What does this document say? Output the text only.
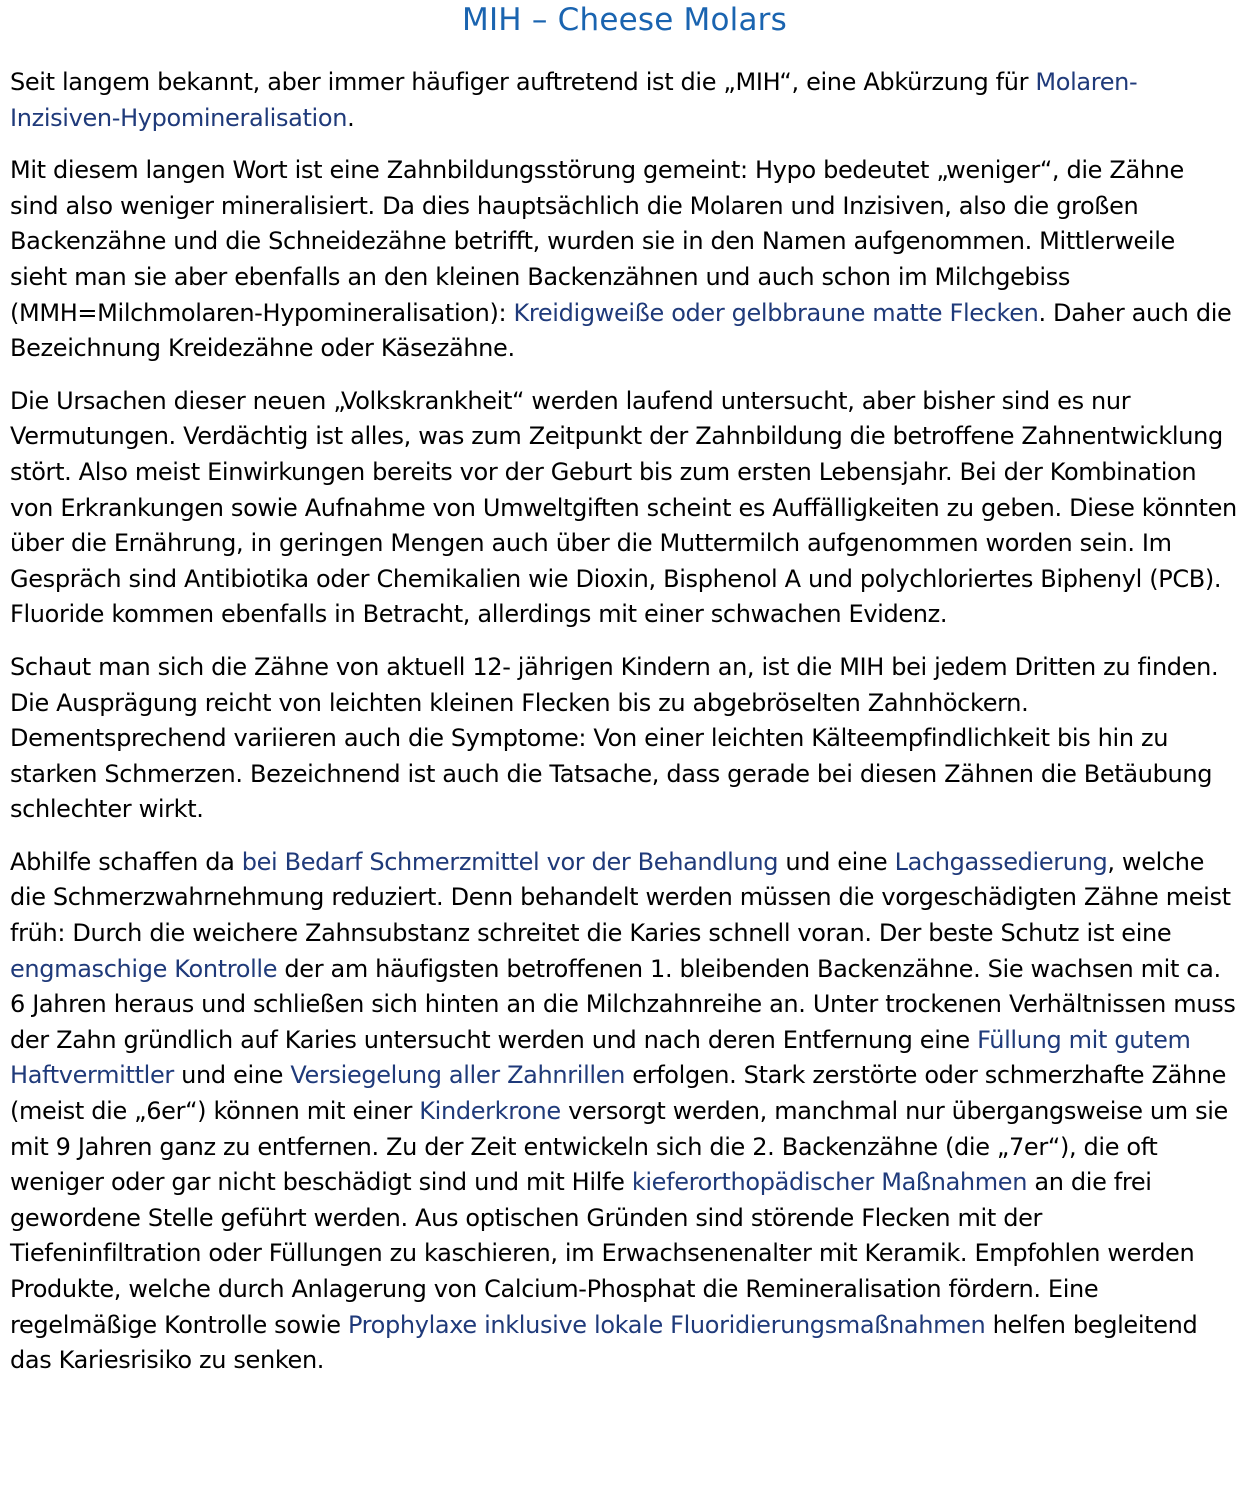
MIH – Cheese Molars

Seit langem bekannt, aber immer häufiger auftretend ist die „MIH“, eine Abkürzung für Molaren-Inzisiven-Hypomineralisation.

Mit diesem langen Wort ist eine Zahnbildungsstörung gemeint: Hypo bedeutet „weniger“, die Zähne sind also weniger mineralisiert. Da dies hauptsächlich die Molaren und Inzisiven, also die großen Backenzähne und die Schneidezähne betrifft, wurden sie in den Namen aufgenommen. Mittlerweile sieht man sie aber ebenfalls an den kleinen Backenzähnen und auch schon im Milchgebiss (MMH=Milchmolaren-Hypomineralisation): Kreidigweiße oder gelbbraune matte Flecken. Daher auch die Bezeichnung Kreidezähne oder Käsezähne.

Die Ursachen dieser neuen „Volkskrankheit“ werden laufend untersucht, aber bisher sind es nur Vermutungen. Verdächtig ist alles, was zum Zeitpunkt der Zahnbildung die betroffene Zahnentwicklung stört. Also meist Einwirkungen bereits vor der Geburt bis zum ersten Lebensjahr. Bei der Kombination von Erkrankungen sowie Aufnahme von Umweltgiften scheint es Auffälligkeiten zu geben. Diese könnten über die Ernährung, in geringen Mengen auch über die Muttermilch aufgenommen worden sein. Im Gespräch sind Antibiotika oder Chemikalien wie Dioxin, Bisphenol A und polychloriertes Biphenyl (PCB). Fluoride kommen ebenfalls in Betracht, allerdings mit einer schwachen Evidenz.

Schaut man sich die Zähne von aktuell 12- jährigen Kindern an, ist die MIH bei jedem Dritten zu finden. Die Ausprägung reicht von leichten kleinen Flecken bis zu abgebröselten Zahnhöckern. Dementsprechend variieren auch die Symptome: Von einer leichten Kälteempfindlichkeit bis hin zu starken Schmerzen. Bezeichnend ist auch die Tatsache, dass gerade bei diesen Zähnen die Betäubung schlechter wirkt.

Abhilfe schaffen da bei Bedarf Schmerzmittel vor der Behandlung und eine Lachgassedierung, welche die Schmerzwahrnehmung reduziert. Denn behandelt werden müssen die vorgeschädigten Zähne meist früh: Durch die weichere Zahnsubstanz schreitet die Karies schnell voran. Der beste Schutz ist eine engmaschige Kontrolle der am häufigsten betroffenen 1. bleibenden Backenzähne. Sie wachsen mit ca. 6 Jahren heraus und schließen sich hinten an die Milchzahnreihe an. Unter trockenen Verhältnissen muss der Zahn gründlich auf Karies untersucht werden und nach deren Entfernung eine Füllung mit gutem Haftvermittler und eine Versiegelung aller Zahnrillen erfolgen. Stark zerstörte oder schmerzhafte Zähne (meist die „6er“) können mit einer Kinderkrone versorgt werden, manchmal nur übergangsweise um sie mit 9 Jahren ganz zu entfernen. Zu der Zeit entwickeln sich die 2. Backenzähne (die „7er“), die oft weniger oder gar nicht beschädigt sind und mit Hilfe kieferorthopädischer Maßnahmen an die frei gewordene Stelle geführt werden. Aus optischen Gründen sind störende Flecken mit der Tiefeninfiltration oder Füllungen zu kaschieren, im Erwachsenenalter mit Keramik. Empfohlen werden Produkte, welche durch Anlagerung von Calcium-Phosphat die Remineralisation fördern. Eine regelmäßige Kontrolle sowie Prophylaxe inklusive lokale Fluoridierungsmaßnahmen helfen begleitend das Kariesrisiko zu senken.
